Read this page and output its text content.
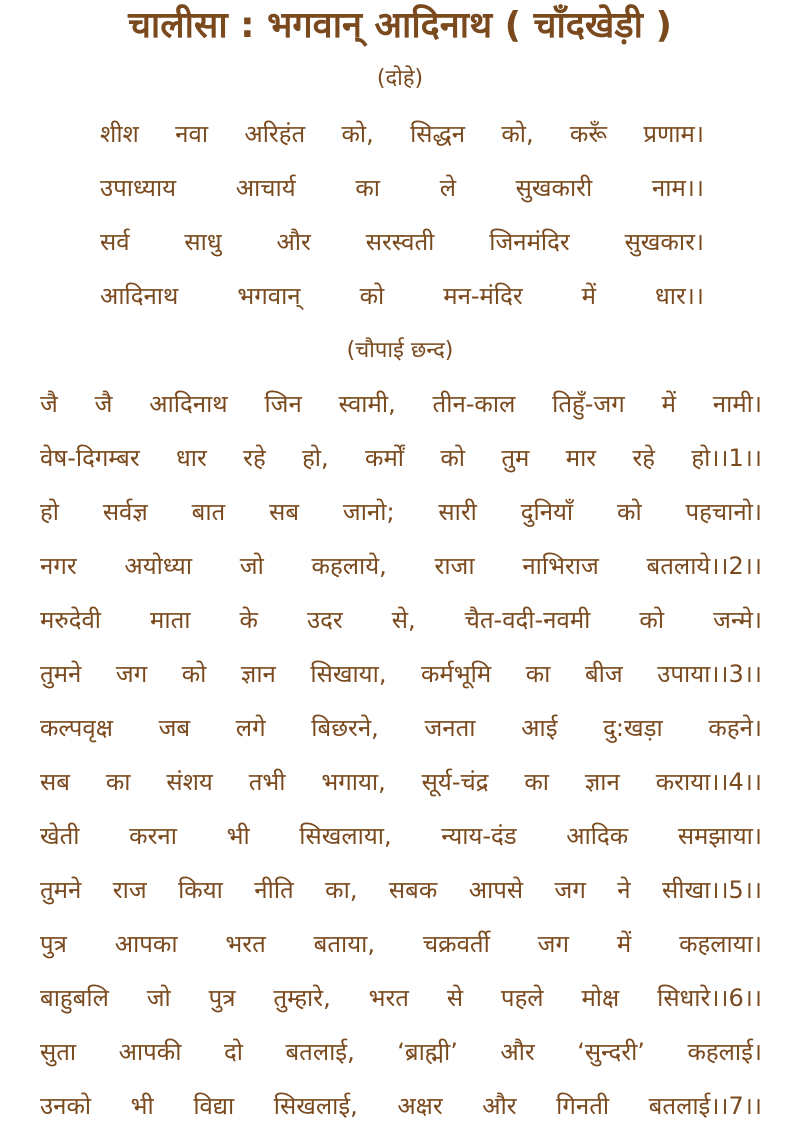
चालीसा : भगवान् आदिनाथ ( चाँदखेड़ी )
(दोहे)
शीश नवा अरिहंत को, सिद्धन को, करूँ प्रणाम।
उपाध्याय आचार्य का ले सुखकारी नाम।।
सर्व साधु और सरस्वती जिनमंदिर सुखकार।
आदिनाथ भगवान् को मन-मंदिर में धार।।
(चौपाई छन्द)
जै जै आदिनाथ जिन स्वामी, तीन-काल तिहुँ-जग में नामी।
वेष-दिगम्बर धार रहे हो, कर्मों को तुम मार रहे हो।।1।।
हो सर्वज्ञ बात सब जानो; सारी दुनियाँ को पहचानो।
नगर अयोध्या जो कहलाये, राजा नाभिराज बतलाये।।2।।
मरुदेवी माता के उदर से, चैत-वदी-नवमी को जन्मे।
तुमने जग को ज्ञान सिखाया, कर्मभूमि का बीज उपाया।।3।।
कल्पवृक्ष जब लगे बिछरने, जनता आई दु:खड़ा कहने।
सब का संशय तभी भगाया, सूर्य-चंद्र का ज्ञान कराया।।4।।
खेती करना भी सिखलाया, न्याय-दंड आदिक समझाया।
तुमने राज किया नीति का, सबक आपसे जग ने सीखा।।5।।
पुत्र आपका भरत बताया, चक्रवर्ती जग में कहलाया।
बाहुबलि जो पुत्र तुम्हारे, भरत से पहले मोक्ष सिधारे।।6।।
सुता आपकी दो बतलाई, ‘ब्राह्मी’ और ‘सुन्दरी’ कहलाई।
उनको भी विद्या सिखलाई, अक्षर और गिनती बतलाई।।7।।
